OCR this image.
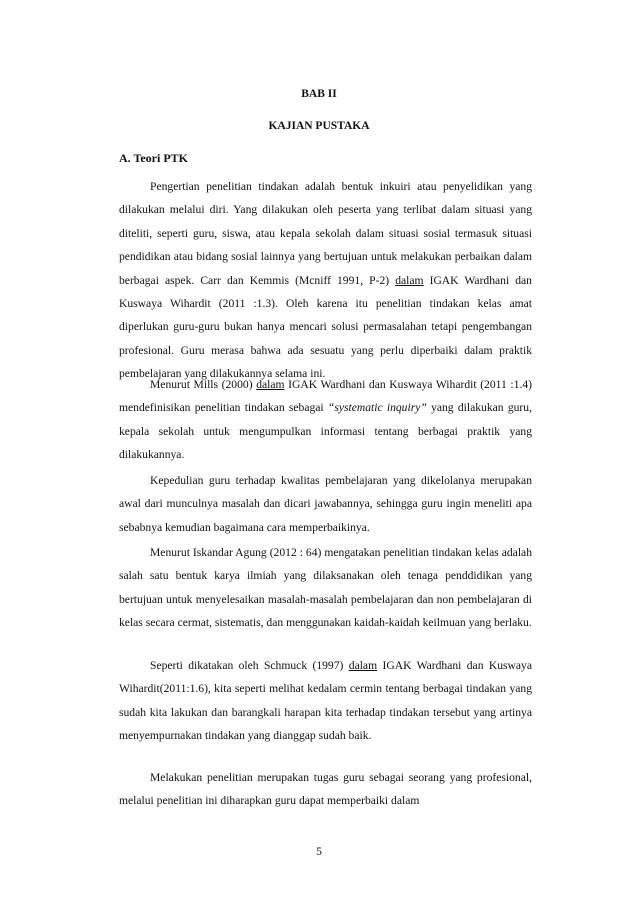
BAB II

KAJIAN PUSTAKA

A. Teori PTK

Pengertian penelitian tindakan adalah bentuk inkuiri atau penyelidikan yang dilakukan melalui diri. Yang dilakukan oleh peserta yang terlibat dalam situasi yang diteliti, seperti guru, siswa, atau kepala sekolah dalam situasi sosial termasuk situasi pendidikan atau bidang sosial lainnya yang bertujuan untuk melakukan perbaikan dalam berbagai aspek. Carr dan Kemmis (Mcniff 1991, P-2) dalam IGAK Wardhani dan Kuswaya Wihardit (2011 :1.3). Oleh karena itu penelitian tindakan kelas amat diperlukan guru-guru bukan hanya mencari solusi permasalahan tetapi pengembangan profesional. Guru merasa bahwa ada sesuatu yang perlu diperbaiki dalam praktik pembelajaran yang dilakukannya selama ini.

Menurut Mills (2000) dalam IGAK Wardhani dan Kuswaya Wihardit (2011 :1.4) mendefinisikan penelitian tindakan sebagai “systematic inquiry” yang dilakukan guru, kepala sekolah untuk mengumpulkan informasi tentang berbagai praktik yang dilakukannya.

Kepedulian guru terhadap kwalitas pembelajaran yang dikelolanya merupakan awal dari munculnya masalah dan dicari jawabannya, sehingga guru ingin meneliti apa sebabnya kemudian bagaimana cara memperbaikinya.

Menurut Iskandar Agung (2012 : 64) mengatakan penelitian tindakan kelas adalah salah satu bentuk karya ilmiah yang dilaksanakan oleh tenaga penddidikan yang bertujuan untuk menyelesaikan masalah-masalah pembelajaran dan non pembelajaran di kelas secara cermat, sistematis, dan menggunakan kaidah-kaidah keilmuan yang berlaku.

Seperti dikatakan oleh Schmuck (1997) dalam IGAK Wardhani dan Kuswaya Wihardit(2011:1.6), kita seperti melihat kedalam cermin tentang berbagai tindakan yang sudah kita lakukan dan barangkali harapan kita terhadap tindakan tersebut yang artinya menyempurnakan tindakan yang dianggap sudah baik.

Melakukan penelitian merupakan tugas guru sebagai seorang yang profesional, melalui penelitian ini diharapkan guru dapat memperbaiki dalam

5
